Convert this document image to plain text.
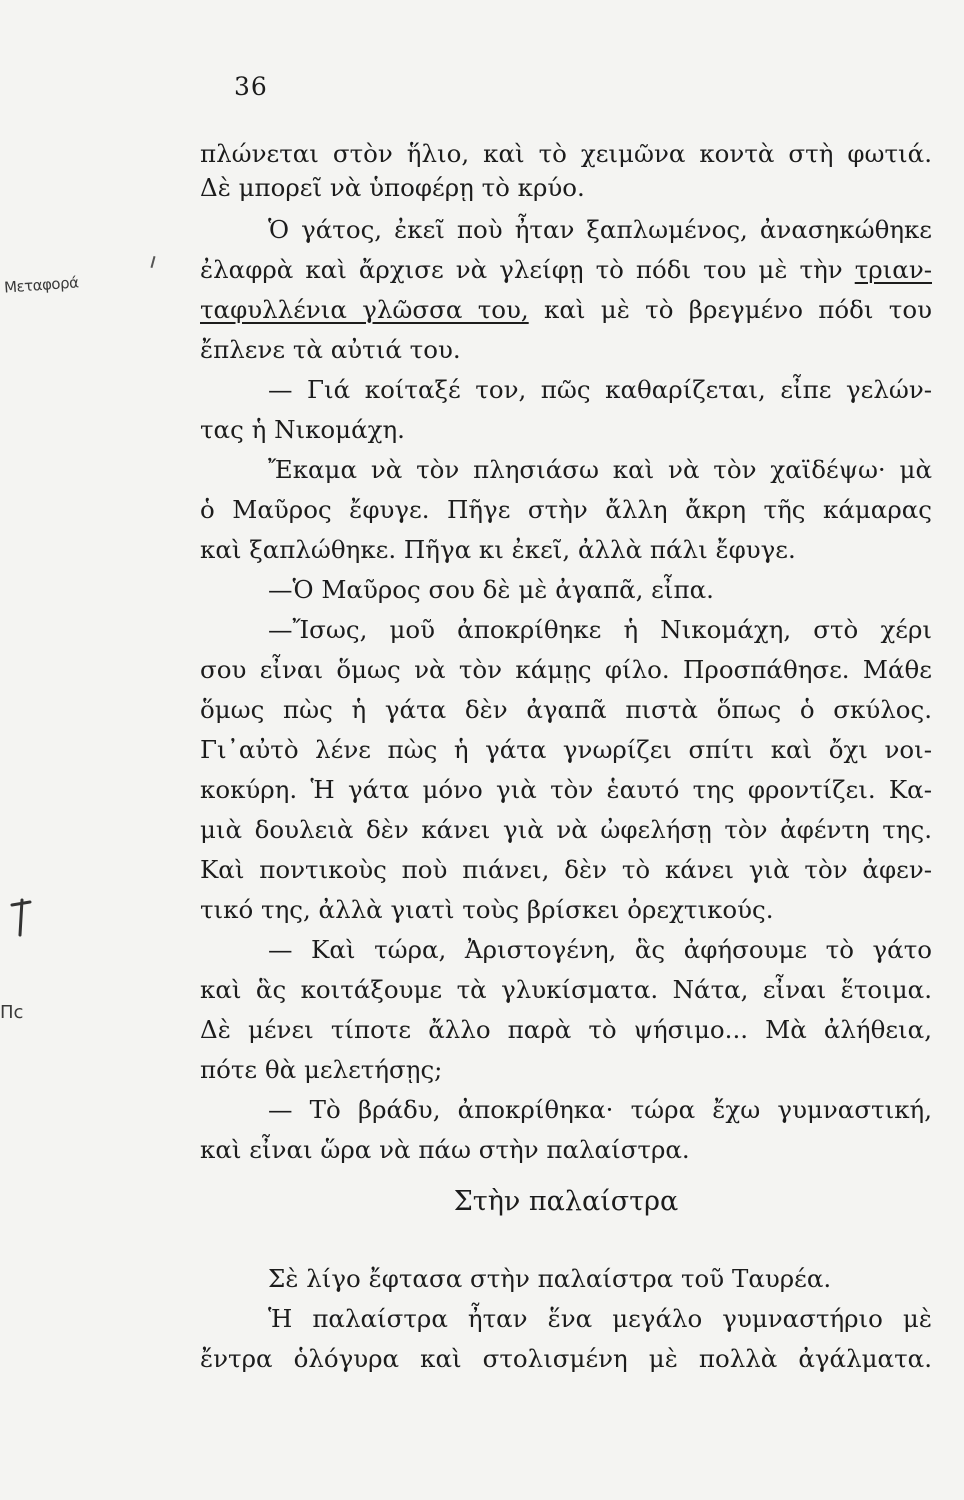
36
Μεταφορά
Πc
πλώνεται στὸν ἥλιο, καὶ τὸ χειμῶνα κοντὰ στὴ φωτιά.
Δὲ μπορεῖ νὰ ὑποφέρῃ τὸ κρύο.
Ὁ γάτος, ἐκεῖ ποὺ ἦταν ξαπλωμένος, ἀνασηκώθηκε
ἐλαφρὰ καὶ ἄρχισε νὰ γλείφῃ τὸ πόδι του μὲ τὴν τριαν-
ταφυλλένια γλῶσσα του, καὶ μὲ τὸ βρεγμένο πόδι του
ἔπλενε τὰ αὐτιά του.
— Γιά κοίταξέ τον, πῶς καθαρίζεται, εἶπε γελών-
τας ἡ Νικομάχη.
Ἔκαμα νὰ τὸν πλησιάσω καὶ νὰ τὸν χαϊδέψω· μὰ
ὁ Μαῦρος ἔφυγε. Πῆγε στὴν ἄλλη ἄκρη τῆς κάμαρας
καὶ ξαπλώθηκε. Πῆγα κι ἐκεῖ, ἀλλὰ πάλι ἔφυγε.
—Ὁ Μαῦρος σου δὲ μὲ ἀγαπᾶ, εἶπα.
—Ἴσως, μοῦ ἀποκρίθηκε ἡ Νικομάχη, στὸ χέρι
σου εἶναι ὅμως νὰ τὸν κάμῃς φίλο. Προσπάθησε. Μάθε
ὅμως πὼς ἡ γάτα δὲν ἀγαπᾶ πιστὰ ὅπως ὁ σκύλος.
Γι᾽αὐτὸ λένε πὼς ἡ γάτα γνωρίζει σπίτι καὶ ὄχι νοι-
κοκύρη. Ἡ γάτα μόνο γιὰ τὸν ἑαυτό της φροντίζει. Κα-
μιὰ δουλειὰ δὲν κάνει γιὰ νὰ ὠφελήσῃ τὸν ἀφέντη της.
Καὶ ποντικοὺς ποὺ πιάνει, δὲν τὸ κάνει γιὰ τὸν ἀφεν-
τικό της, ἀλλὰ γιατὶ τοὺς βρίσκει ὀρεχτικούς.
— Καὶ τώρα, Ἀριστογένη, ἃς ἀφήσουμε τὸ γάτο
καὶ ἃς κοιτάξουμε τὰ γλυκίσματα. Νάτα, εἶναι ἕτοιμα.
Δὲ μένει τίποτε ἄλλο παρὰ τὸ ψήσιμο... Μὰ ἀλήθεια,
πότε θὰ μελετήσῃς;
— Τὸ βράδυ, ἀποκρίθηκα· τώρα ἔχω γυμναστική,
καὶ εἶναι ὥρα νὰ πάω στὴν παλαίστρα.
Στὴν παλαίστρα
Σὲ λίγο ἔφτασα στὴν παλαίστρα τοῦ Ταυρέα.
Ἡ παλαίστρα ἦταν ἕνα μεγάλο γυμναστήριο μὲ
ἔντρα ὁλόγυρα καὶ στολισμένη μὲ πολλὰ ἀγάλματα.
